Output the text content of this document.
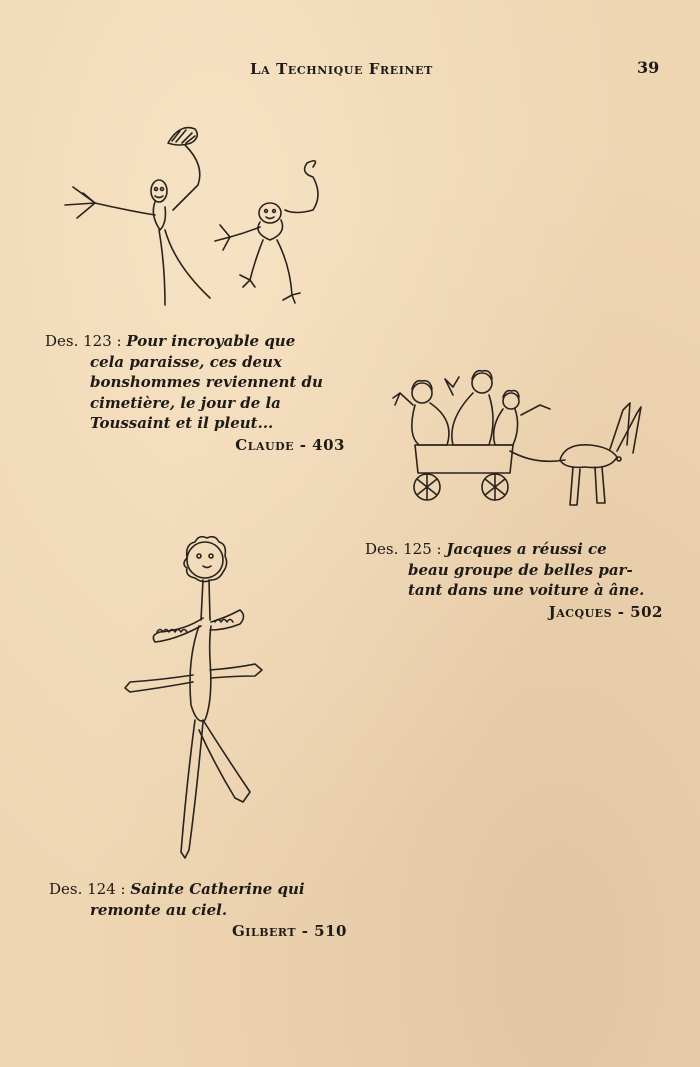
La Technique Freinet	39
Des. 123 : Pour incroyable que
cela paraisse, ces deux
bonshommes reviennent du
cimetière, le jour de la
Toussaint et il pleut...
Claude - 403
Des. 125 : Jacques a réussi ce
beau groupe de belles par-
tant dans une voiture à âne.
Jacques - 502
Des. 124 : Sainte Catherine qui
remonte au ciel.
Gilbert - 510
